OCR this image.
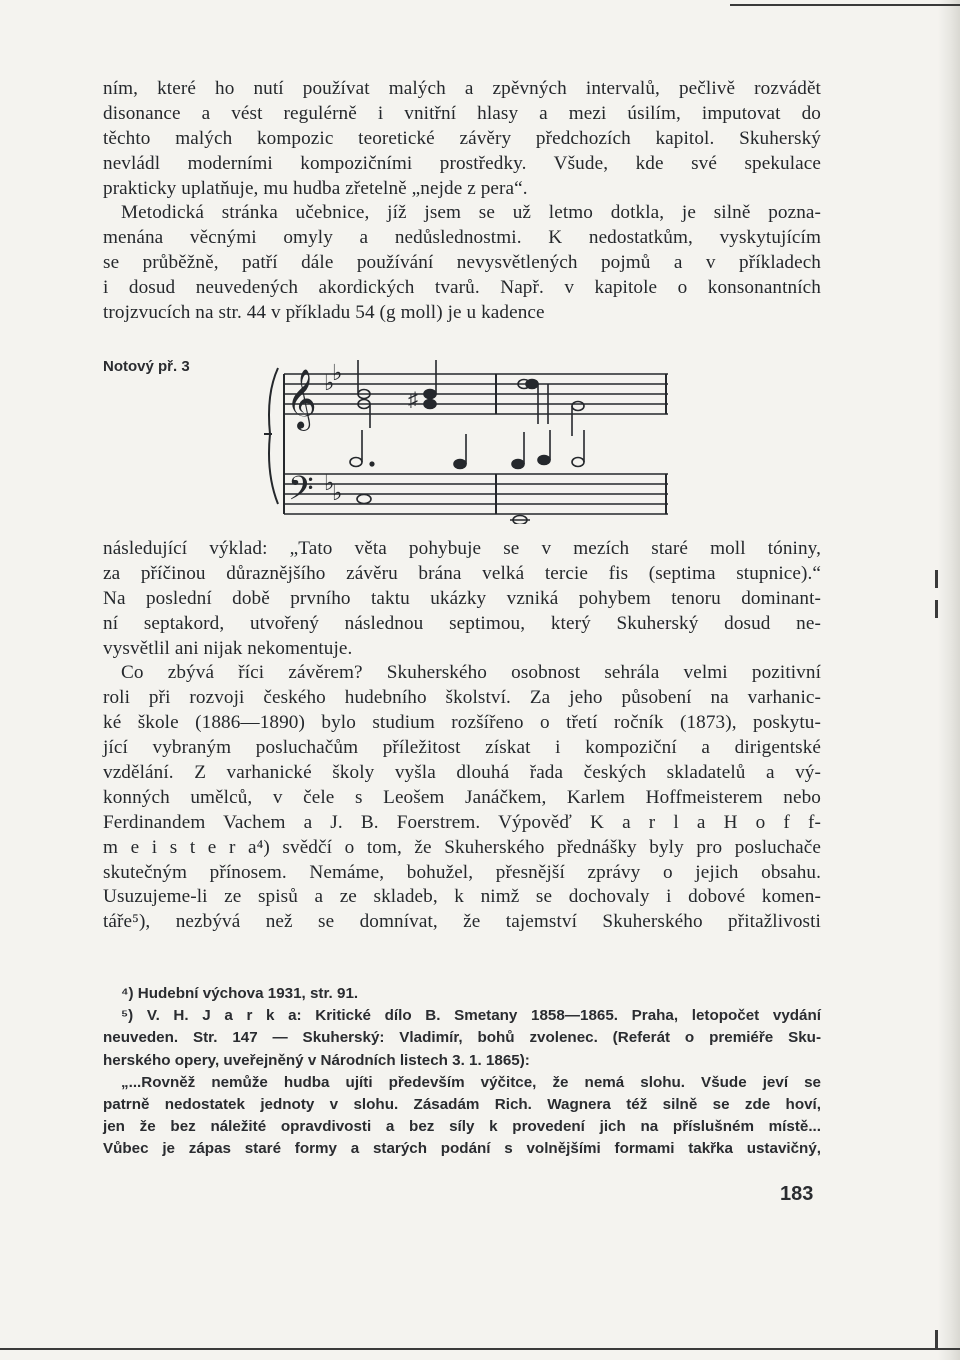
ním, které ho nutí používat malých a zpěvných intervalů, pečlivě rozvádět
disonance a vést regulérně i vnitřní hlasy a mezi úsilím, imputovat do
těchto malých kompozic teoretické závěry předchozích kapitol. Skuherský
nevládl moderními kompozičními prostředky. Všude, kde své spekulace
prakticky uplatňuje, mu hudba zřetelně „nejde z pera“.
Metodická stránka učebnice, jíž jsem se už letmo dotkla, je silně pozna-
menána věcnými omyly a nedůslednostmi. K nedostatkům, vyskytujícím
se průběžně, patří dále používání nevysvětlených pojmů a v příkladech
i dosud neuvedených akordických tvarů. Např. v kapitole o konsonantních
trojzvucích na str. 44 v příkladu 54 (g moll) je u kadence
Notový př. 3
𝄞
𝄢
♭
♭
♭
♭
♯
následující výklad: „Tato věta pohybuje se v mezích staré moll tóniny,
za příčinou důraznějšího závěru brána velká tercie fis (septima stupnice).“
Na poslední době prvního taktu ukázky vzniká pohybem tenoru dominant-
ní septakord, utvořený následnou septimou, který Skuherský dosud ne-
vysvětlil ani nijak nekomentuje.
Co zbývá říci závěrem? Skuherského osobnost sehrála velmi pozitivní
roli při rozvoji českého hudebního školství. Za jeho působení na varhanic-
ké škole (1886—1890) bylo studium rozšířeno o třetí ročník (1873), poskytu-
jící vybraným posluchačům příležitost získat i kompoziční a dirigentské
vzdělání. Z varhanické školy vyšla dlouhá řada českých skladatelů a vý-
konných umělců, v čele s Leošem Janáčkem, Karlem Hoffmeisterem nebo
Ferdinandem Vachem a J. B. Foerstrem. Výpověď K a r l a H o f f-
m e i s t e r a⁴) svědčí o tom, že Skuherského přednášky byly pro posluchače
skutečným přínosem. Nemáme, bohužel, přesnější zprávy o jejich obsahu.
Usuzujeme-li ze spisů a ze skladeb, k nimž se dochovaly i dobové komen-
táře⁵), nezbývá než se domnívat, že tajemství Skuherského přitažlivosti
⁴) Hudební výchova 1931, str. 91.
⁵) V. H. J a r k a: Kritické dílo B. Smetany 1858—1865. Praha, letopočet vydání
neuveden. Str. 147 — Skuherský: Vladimír, bohů zvolenec. (Referát o premiéře Sku-
herského opery, uveřejněný v Národních listech 3. 1. 1865):
„...Rovněž nemůže hudba ujíti především výčitce, že nemá slohu. Všude jeví se
patrně nedostatek jednoty v slohu. Zásadám Rich. Wagnera též silně se zde hoví,
jen že bez náležité opravdivosti a bez síly k provedení jich na příslušném místě...
Vůbec je zápas staré formy a starých podání s volnějšími formami takřka ustavičný,
183
